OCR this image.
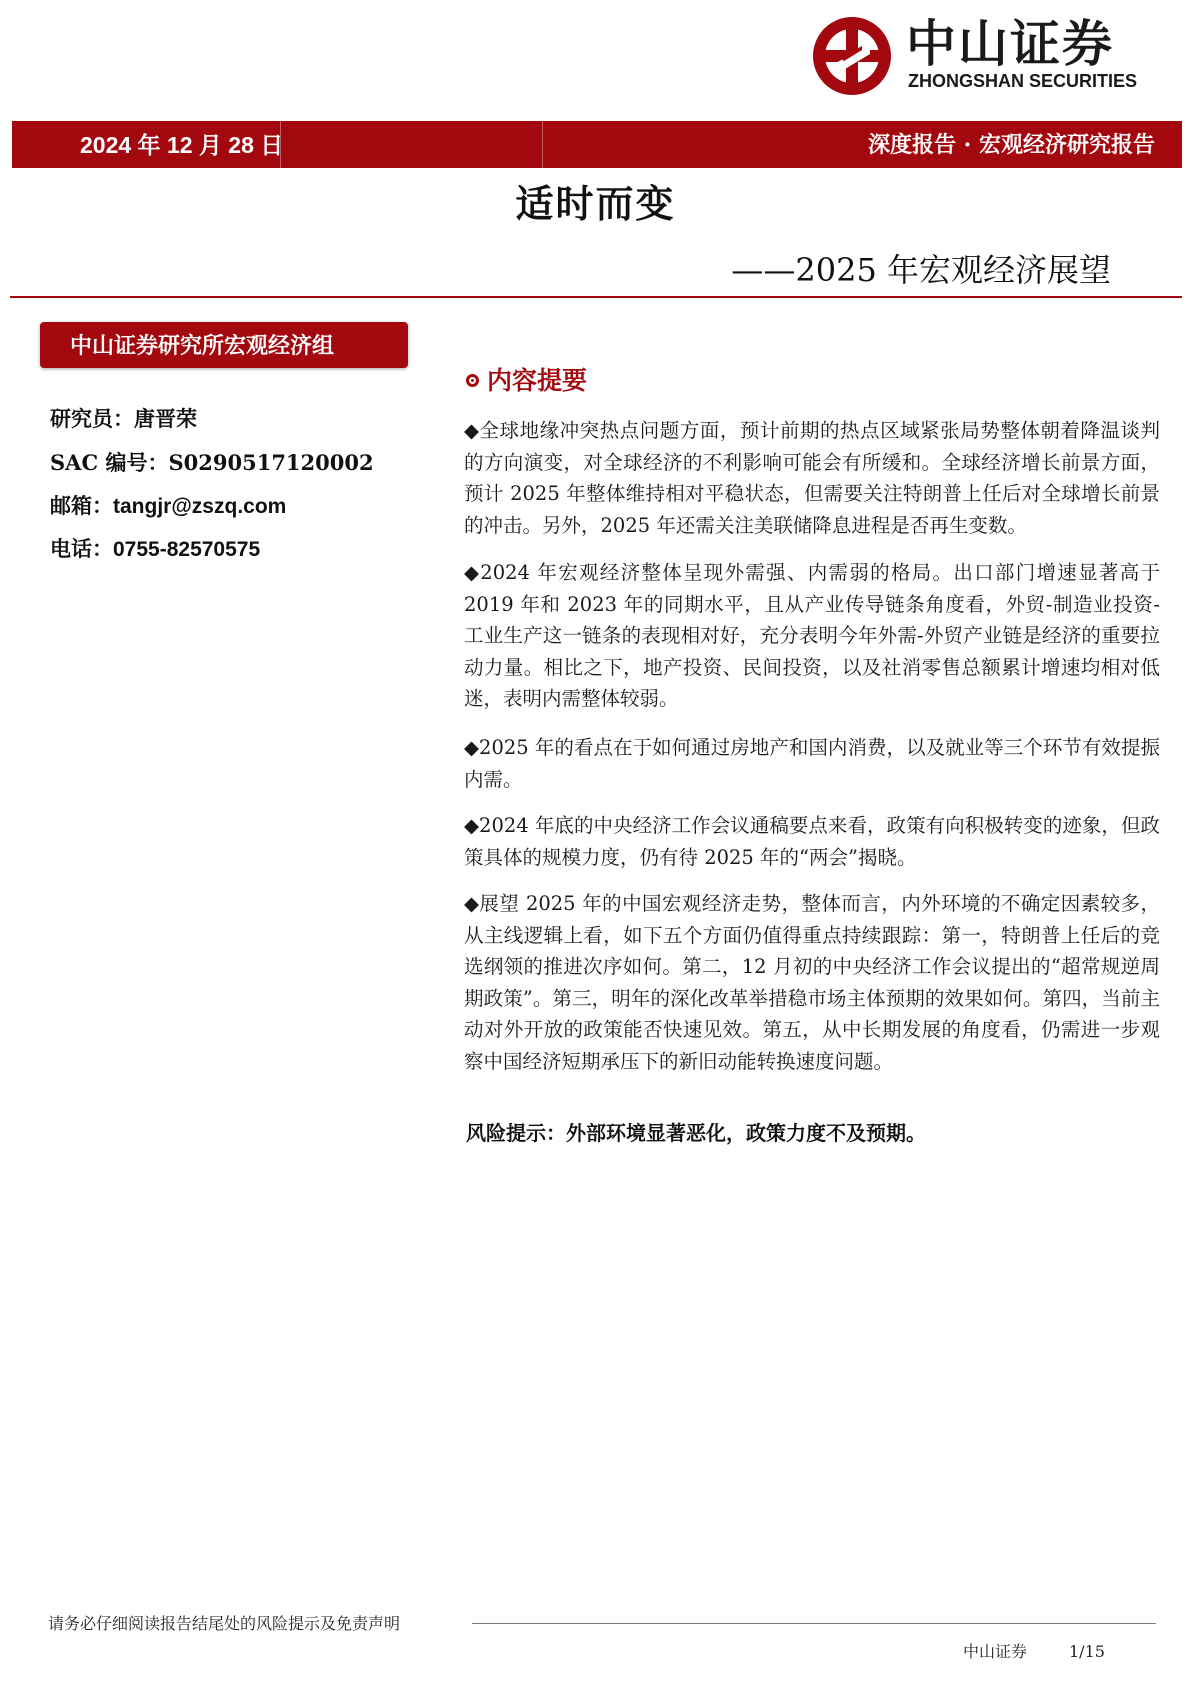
中山证券
ZHONGSHAN SECURITIES
2024 年 12 月 28 日	深度报告 · 宏观经济研究报告
适时而变
——2025 年宏观经济展望
中山证券研究所宏观经济组
研究员：唐晋荣
SAC 编号：S0290517120002
邮箱：tangjr@zszq.com
电话：0755-82570575
内容提要
◆全球地缘冲突热点问题方面，预计前期的热点区域紧张局势整体朝着降温谈判的方向演变，对全球经济的不利影响可能会有所缓和。全球经济增长前景方面，预计 2025 年整体维持相对平稳状态，但需要关注特朗普上任后对全球增长前景的冲击。另外，2025 年还需关注美联储降息进程是否再生变数。
◆2024 年宏观经济整体呈现外需强、内需弱的格局。出口部门增速显著高于 2019 年和 2023 年的同期水平，且从产业传导链条角度看，外贸-制造业投资-工业生产这一链条的表现相对好，充分表明今年外需-外贸产业链是经济的重要拉动力量。相比之下，地产投资、民间投资，以及社消零售总额累计增速均相对低迷，表明内需整体较弱。
◆2025 年的看点在于如何通过房地产和国内消费，以及就业等三个环节有效提振内需。
◆2024 年底的中央经济工作会议通稿要点来看，政策有向积极转变的迹象，但政策具体的规模力度，仍有待 2025 年的“两会”揭晓。
◆展望 2025 年的中国宏观经济走势，整体而言，内外环境的不确定因素较多，从主线逻辑上看，如下五个方面仍值得重点持续跟踪：第一，特朗普上任后的竞选纲领的推进次序如何。第二，12 月初的中央经济工作会议提出的“超常规逆周期政策”。第三，明年的深化改革举措稳市场主体预期的效果如何。第四，当前主动对外开放的政策能否快速见效。第五，从中长期发展的角度看，仍需进一步观察中国经济短期承压下的新旧动能转换速度问题。
风险提示：外部环境显著恶化，政策力度不及预期。
请务必仔细阅读报告结尾处的风险提示及免责声明
中山证券	1/15
